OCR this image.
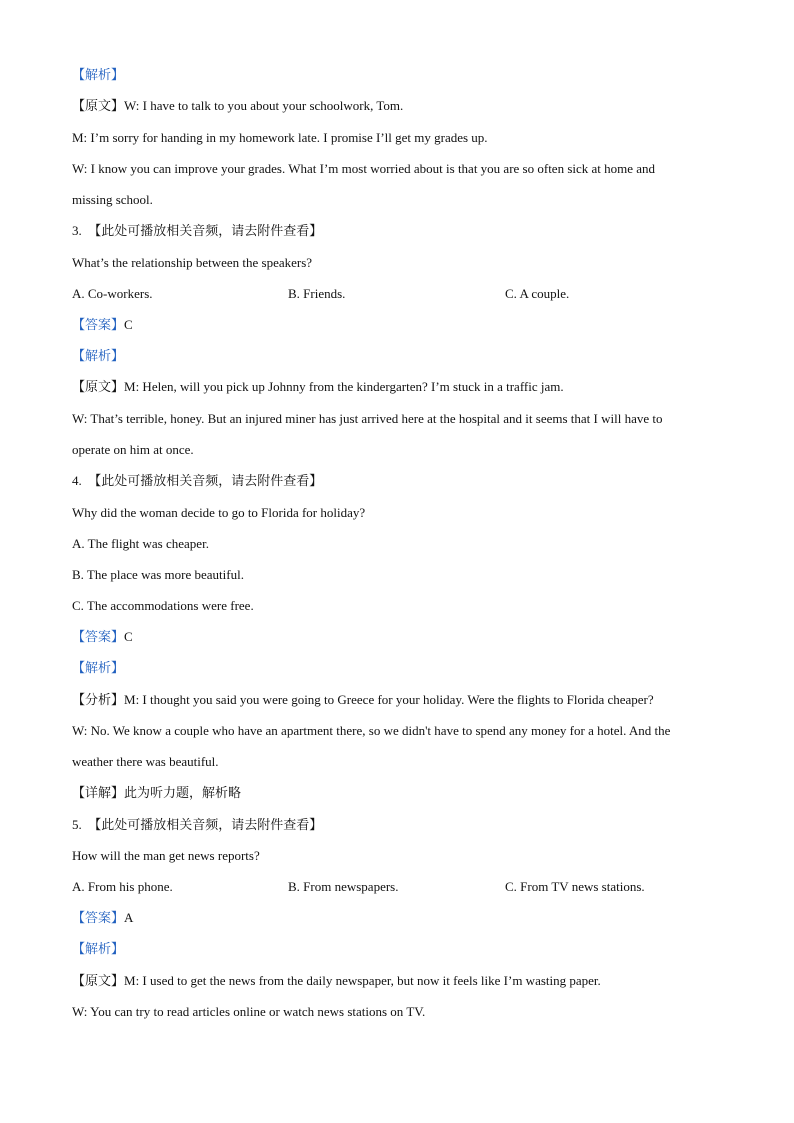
【解析】
【原文】W: I have to talk to you about your schoolwork, Tom.
M: I’m sorry for handing in my homework late. I promise I’ll get my grades up.
W: I know you can improve your grades. What I’m most worried about is that you are so often sick at home and
missing school.
3. 【此处可播放相关音频，请去附件查看】
What’s the relationship between the speakers?
A. Co-workers.	B. Friends.	C. A couple.
【答案】C
【解析】
【原文】M: Helen, will you pick up Johnny from the kindergarten? I’m stuck in a traffic jam.
W: That’s terrible, honey. But an injured miner has just arrived here at the hospital and it seems that I will have to
operate on him at once.
4. 【此处可播放相关音频，请去附件查看】
Why did the woman decide to go to Florida for holiday?
A. The flight was cheaper.
B. The place was more beautiful.
C. The accommodations were free.
【答案】C
【解析】
【分析】M: I thought you said you were going to Greece for your holiday. Were the flights to Florida cheaper?
W: No. We know a couple who have an apartment there, so we didn't have to spend any money for a hotel. And the
weather there was beautiful.
【详解】此为听力题，解析略
5. 【此处可播放相关音频，请去附件查看】
How will the man get news reports?
A. From his phone.	B. From newspapers.	C. From TV news stations.
【答案】A
【解析】
【原文】M: I used to get the news from the daily newspaper, but now it feels like I’m wasting paper.
W: You can try to read articles online or watch news stations on TV.
